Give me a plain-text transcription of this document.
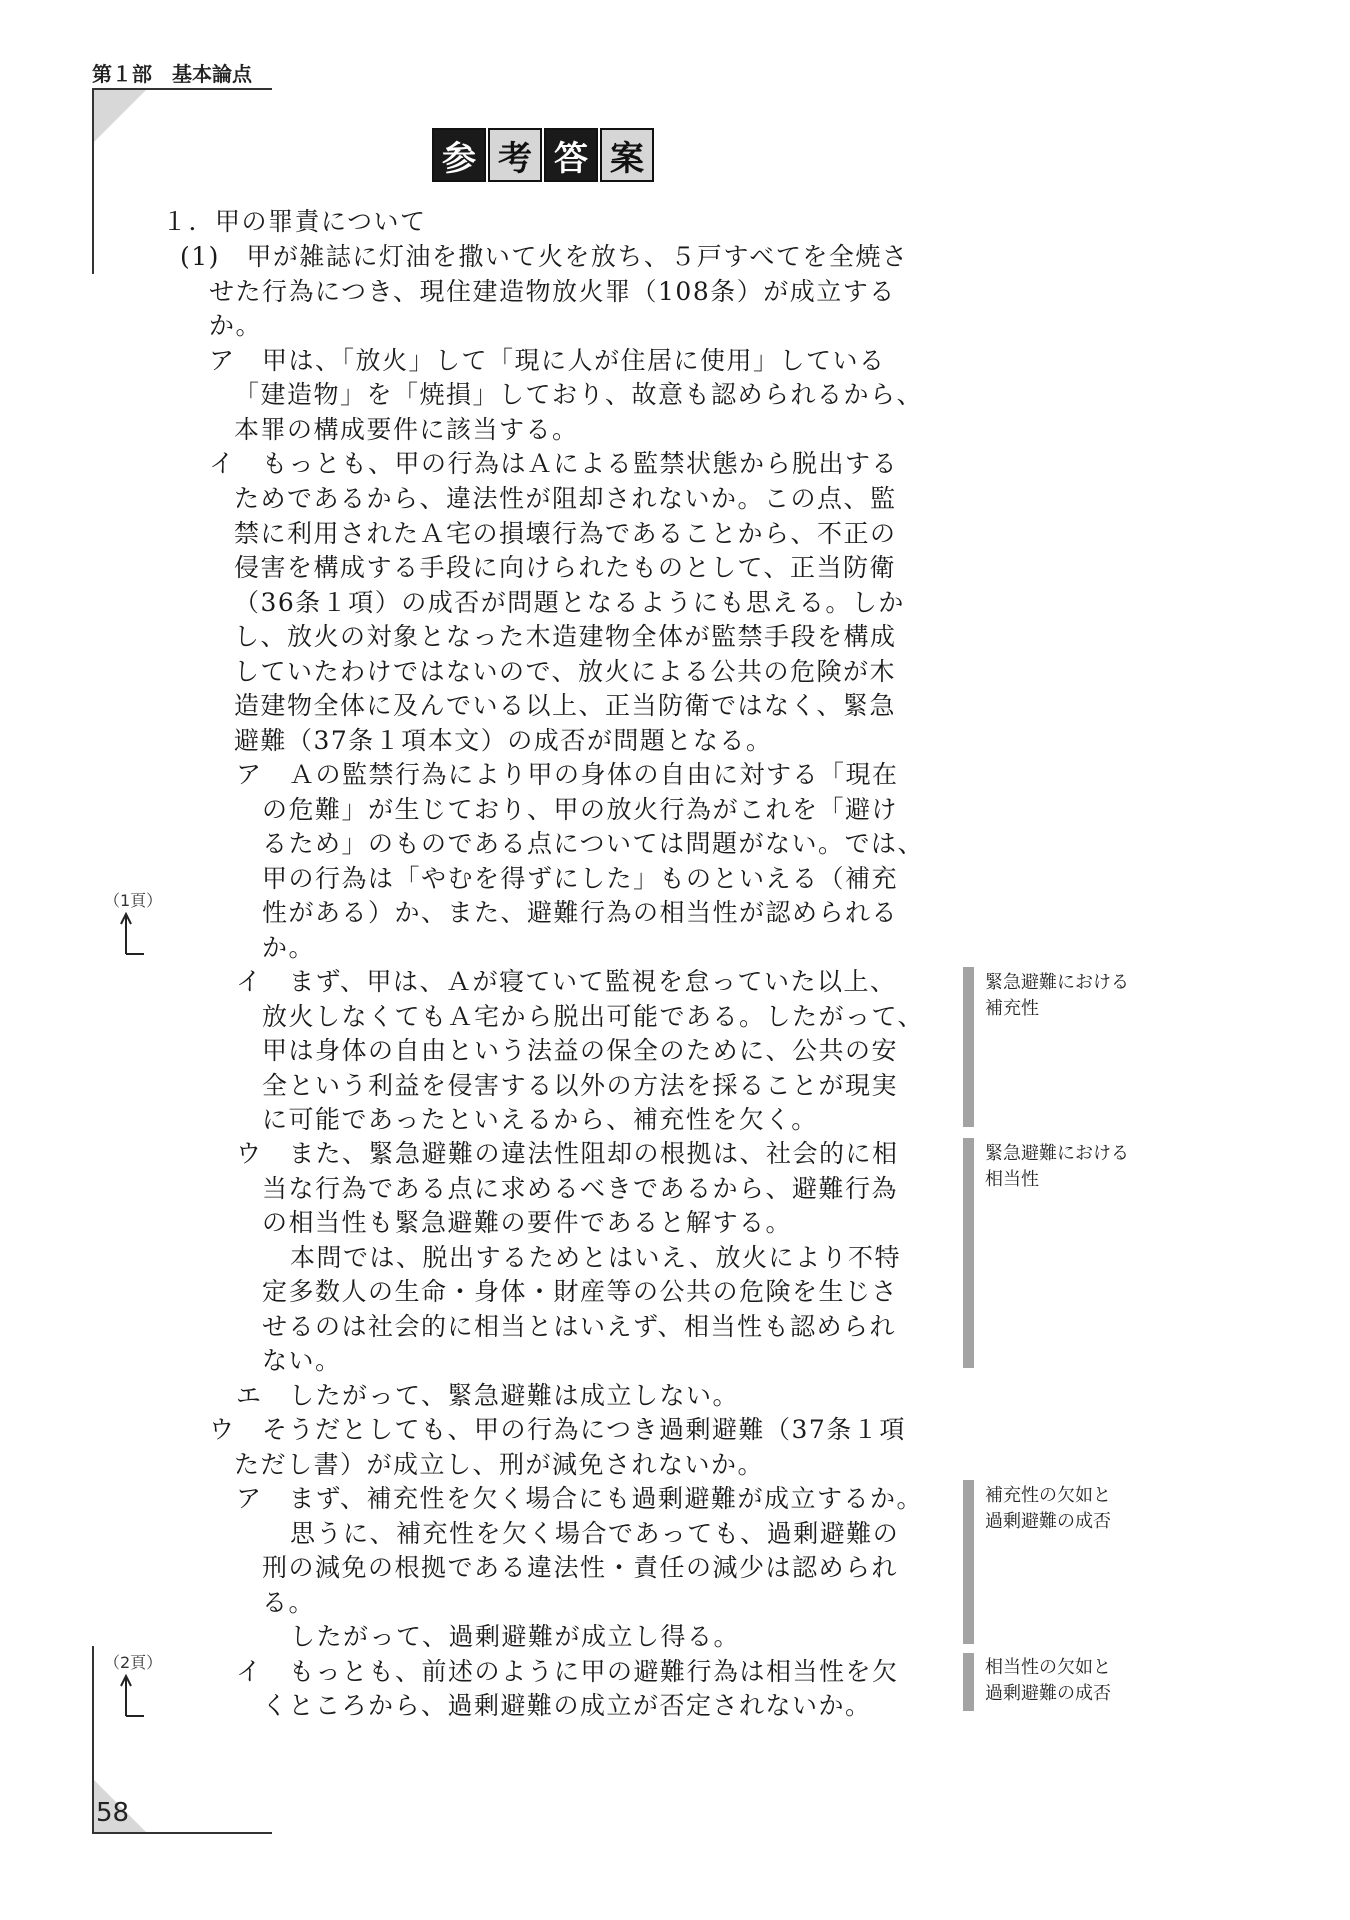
第１部　基本論点
参 考 答 案
１．甲の罪責について
(1)　甲が雑誌に灯油を撒いて火を放ち、５戸すべてを全焼さ
せた行為につき、現住建造物放火罪（108条）が成立する
か。
ア　甲は、「放火」して「現に人が住居に使用」している
「建造物」を「焼損」しており、故意も認められるから、
本罪の構成要件に該当する。
イ　もっとも、甲の行為はＡによる監禁状態から脱出する
ためであるから、違法性が阻却されないか。この点、監
禁に利用されたＡ宅の損壊行為であることから、不正の
侵害を構成する手段に向けられたものとして、正当防衛
（36条１項）の成否が問題となるようにも思える。しか
し、放火の対象となった木造建物全体が監禁手段を構成
していたわけではないので、放火による公共の危険が木
造建物全体に及んでいる以上、正当防衛ではなく、緊急
避難（37条１項本文）の成否が問題となる。
ア　Ａの監禁行為により甲の身体の自由に対する「現在
の危難」が生じており、甲の放火行為がこれを「避け
るため」のものである点については問題がない。では、
甲の行為は「やむを得ずにした」ものといえる（補充
性がある）か、また、避難行為の相当性が認められる
か。
イ　まず、甲は、Ａが寝ていて監視を怠っていた以上、
放火しなくてもＡ宅から脱出可能である。したがって、
甲は身体の自由という法益の保全のために、公共の安
全という利益を侵害する以外の方法を採ることが現実
に可能であったといえるから、補充性を欠く。
ウ　また、緊急避難の違法性阻却の根拠は、社会的に相
当な行為である点に求めるべきであるから、避難行為
の相当性も緊急避難の要件であると解する。
本問では、脱出するためとはいえ、放火により不特
定多数人の生命・身体・財産等の公共の危険を生じさ
せるのは社会的に相当とはいえず、相当性も認められ
ない。
エ　したがって、緊急避難は成立しない。
ウ　そうだとしても、甲の行為につき過剰避難（37条１項
ただし書）が成立し、刑が減免されないか。
ア　まず、補充性を欠く場合にも過剰避難が成立するか。
思うに、補充性を欠く場合であっても、過剰避難の
刑の減免の根拠である違法性・責任の減少は認められ
る。
したがって、過剰避難が成立し得る。
イ　もっとも、前述のように甲の避難行為は相当性を欠
くところから、過剰避難の成立が否定されないか。
緊急避難における
補充性
緊急避難における
相当性
補充性の欠如と
過剰避難の成否
相当性の欠如と
過剰避難の成否
（1頁）
（2頁）
58
